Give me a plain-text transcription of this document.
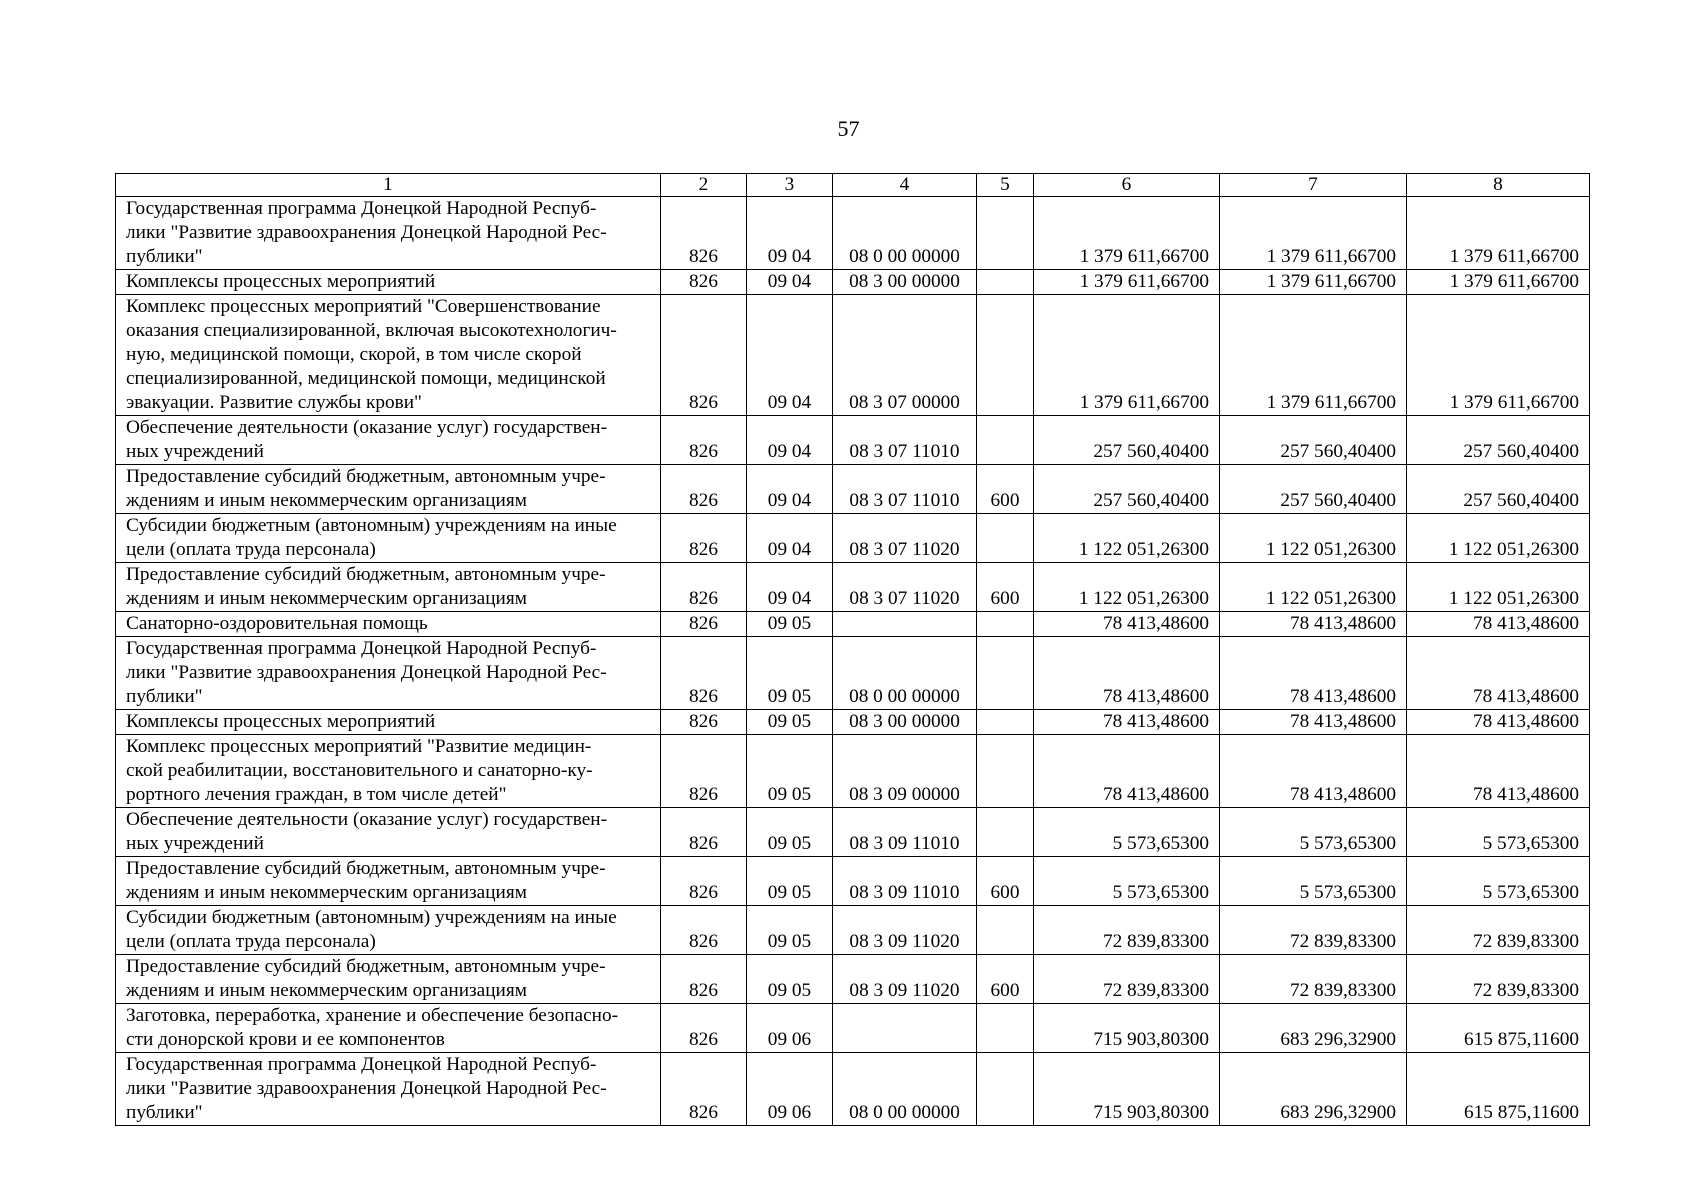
57
1	2	3	4	5	6	7	8

Государственная программа Донецкой Народной Респуб-
лики "Развитие здравоохранения Донецкой Народной Рес-
публики"	826	09 04	08 0 00 00000		1 379 611,66700	1 379 611,66700	1 379 611,66700

Комплексы процессных мероприятий	826	09 04	08 3 00 00000		1 379 611,66700	1 379 611,66700	1 379 611,66700

Комплекс процессных мероприятий "Совершенствование
оказания специализированной, включая высокотехнологич-
ную, медицинской помощи, скорой, в том числе скорой
специализированной, медицинской помощи, медицинской
эвакуации. Развитие службы крови"	826	09 04	08 3 07 00000		1 379 611,66700	1 379 611,66700	1 379 611,66700

Обеспечение деятельности (оказание услуг) государствен-
ных учреждений	826	09 04	08 3 07 11010		257 560,40400	257 560,40400	257 560,40400

Предоставление субсидий бюджетным, автономным учре-
ждениям и иным некоммерческим организациям	826	09 04	08 3 07 11010	600	257 560,40400	257 560,40400	257 560,40400

Субсидии бюджетным (автономным) учреждениям на иные
цели (оплата труда персонала)	826	09 04	08 3 07 11020		1 122 051,26300	1 122 051,26300	1 122 051,26300

Предоставление субсидий бюджетным, автономным учре-
ждениям и иным некоммерческим организациям	826	09 04	08 3 07 11020	600	1 122 051,26300	1 122 051,26300	1 122 051,26300

Санаторно-оздоровительная помощь	826	09 05			78 413,48600	78 413,48600	78 413,48600

Государственная программа Донецкой Народной Респуб-
лики "Развитие здравоохранения Донецкой Народной Рес-
публики"	826	09 05	08 0 00 00000		78 413,48600	78 413,48600	78 413,48600

Комплексы процессных мероприятий	826	09 05	08 3 00 00000		78 413,48600	78 413,48600	78 413,48600

Комплекс процессных мероприятий "Развитие медицин-
ской реабилитации, восстановительного и санаторно-ку-
рортного лечения граждан, в том числе детей"	826	09 05	08 3 09 00000		78 413,48600	78 413,48600	78 413,48600

Обеспечение деятельности (оказание услуг) государствен-
ных учреждений	826	09 05	08 3 09 11010		5 573,65300	5 573,65300	5 573,65300

Предоставление субсидий бюджетным, автономным учре-
ждениям и иным некоммерческим организациям	826	09 05	08 3 09 11010	600	5 573,65300	5 573,65300	5 573,65300

Субсидии бюджетным (автономным) учреждениям на иные
цели (оплата труда персонала)	826	09 05	08 3 09 11020		72 839,83300	72 839,83300	72 839,83300

Предоставление субсидий бюджетным, автономным учре-
ждениям и иным некоммерческим организациям	826	09 05	08 3 09 11020	600	72 839,83300	72 839,83300	72 839,83300

Заготовка, переработка, хранение и обеспечение безопасно-
сти донорской крови и ее компонентов	826	09 06			715 903,80300	683 296,32900	615 875,11600

Государственная программа Донецкой Народной Респуб-
лики "Развитие здравоохранения Донецкой Народной Рес-
публики"	826	09 06	08 0 00 00000		715 903,80300	683 296,32900	615 875,11600
